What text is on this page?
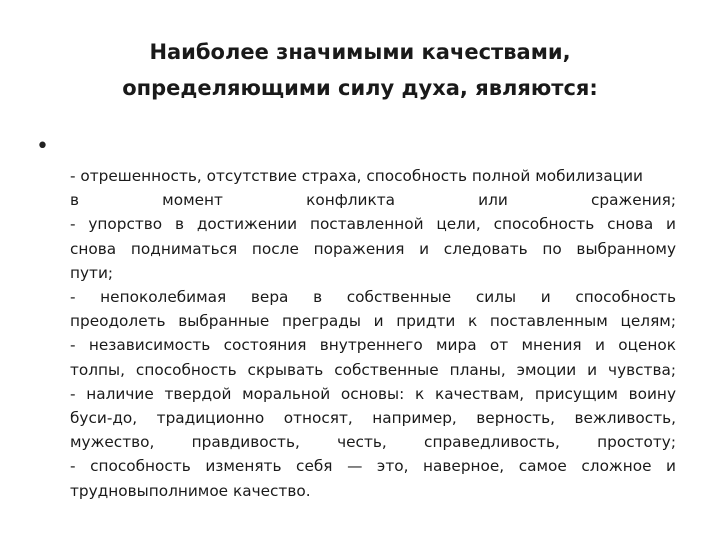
Наиболее значимыми качествами,
определяющими силу духа, являются:
•
- отрешенность, отсутствие страха, способность полной мобилизации
в момент конфликта или сражения;
- упорство в достижении поставленной цели, способность снова и
снова подниматься после поражения и следовать по выбранному
пути;
- непоколебимая вера в собственные силы и способность
преодолеть выбранные преграды и придти к поставленным целям;
- независимость состояния внутреннего мира от мнения и оценок
толпы, способность скрывать собственные планы, эмоции и чувства;
- наличие твердой моральной основы: к качествам, присущим воину
буси-до, традиционно относят, например, верность, вежливость,
мужество, правдивость, честь, справедливость, простоту;
- способность изменять себя — это, наверное, самое сложное и
трудновыполнимое качество.
